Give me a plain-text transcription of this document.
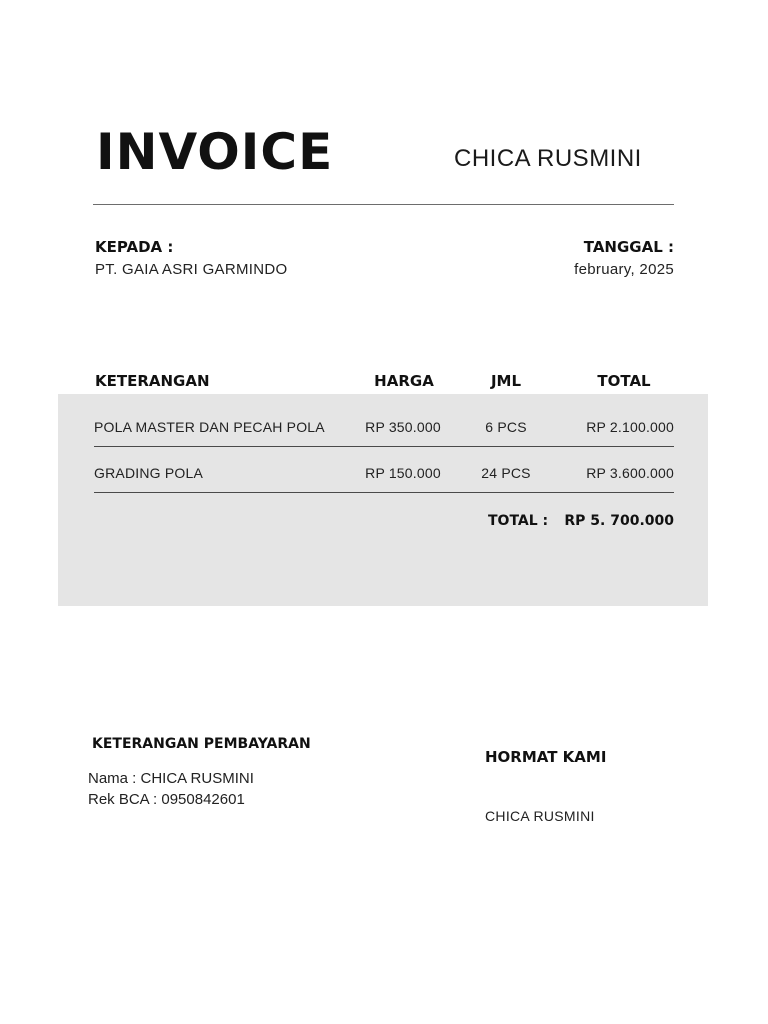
INVOICE	CHICA RUSMINI
KEPADA :
PT. GAIA ASRI GARMINDO
TANGGAL :
february, 2025
KETERANGAN	HARGA	JML	TOTAL
POLA MASTER DAN PECAH POLA	RP 350.000	6 PCS	RP 2.100.000
GRADING POLA	RP 150.000	24 PCS	RP 3.600.000
TOTAL : RP 5. 700.000
KETERANGAN PEMBAYARAN
Nama : CHICA RUSMINI
Rek BCA : 0950842601
HORMAT KAMI
CHICA RUSMINI
